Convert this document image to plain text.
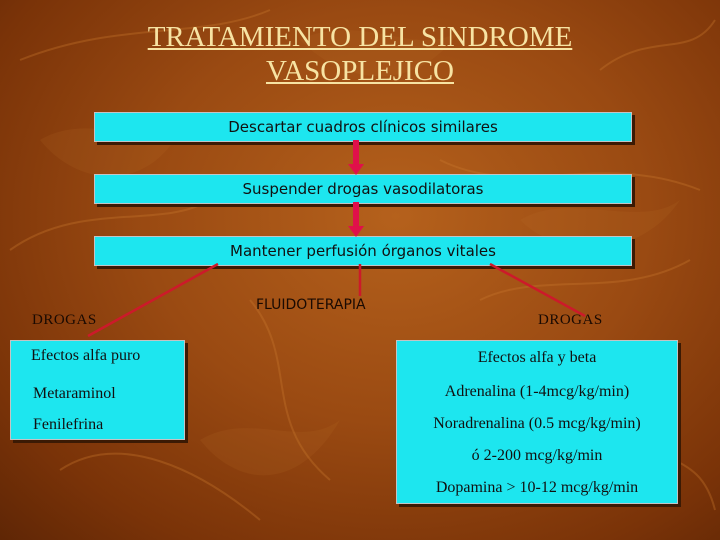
TRATAMIENTO DEL SINDROME
VASOPLEJICO
Descartar cuadros clínicos similares
Suspender drogas vasodilatoras
Mantener perfusión órganos vitales
DROGAS
FLUIDOTERAPIA
DROGAS
Efectos alfa puro
Metaraminol
Fenilefrina
Efectos alfa y beta
Adrenalina (1-4mcg/kg/min)
Noradrenalina (0.5 mcg/kg/min)
ó 2-200 mcg/kg/min
Dopamina > 10-12 mcg/kg/min
